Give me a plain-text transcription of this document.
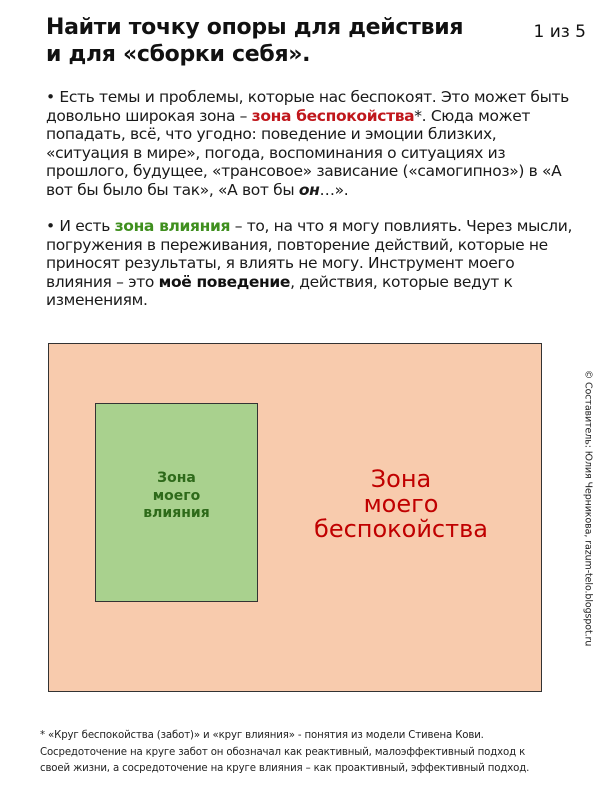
Найти точку опоры для действия
и для «сборки себя».
1 из 5

• Есть темы и проблемы, которые нас беспокоят. Это может быть довольно широкая зона – зона беспокойства*. Сюда может попадать, всё, что угодно: поведение и эмоции близких, «ситуация в мире», погода, воспоминания о ситуациях из прошлого, будущее, «трансовое» зависание («самогипноз») в «А вот бы было бы так», «А вот бы он…».

• И есть зона влияния – то, на что я могу повлиять. Через мысли, погружения в переживания, повторение действий, которые не приносят результаты, я влиять не могу. Инструмент моего влияния – это моё поведение, действия, которые ведут к изменениям.

Зона
моего
влияния
Зона
моего
беспокойства	© Составитель: Юлия Черникова, razum-telo.blogspot.ru

* «Круг беспокойства (забот)» и «круг влияния» - понятия из модели Стивена Кови.
Сосредоточение на круге забот он обозначал как реактивный, малоэффективный подход к
своей жизни, а сосредоточение на круге влияния – как проактивный, эффективный подход.
